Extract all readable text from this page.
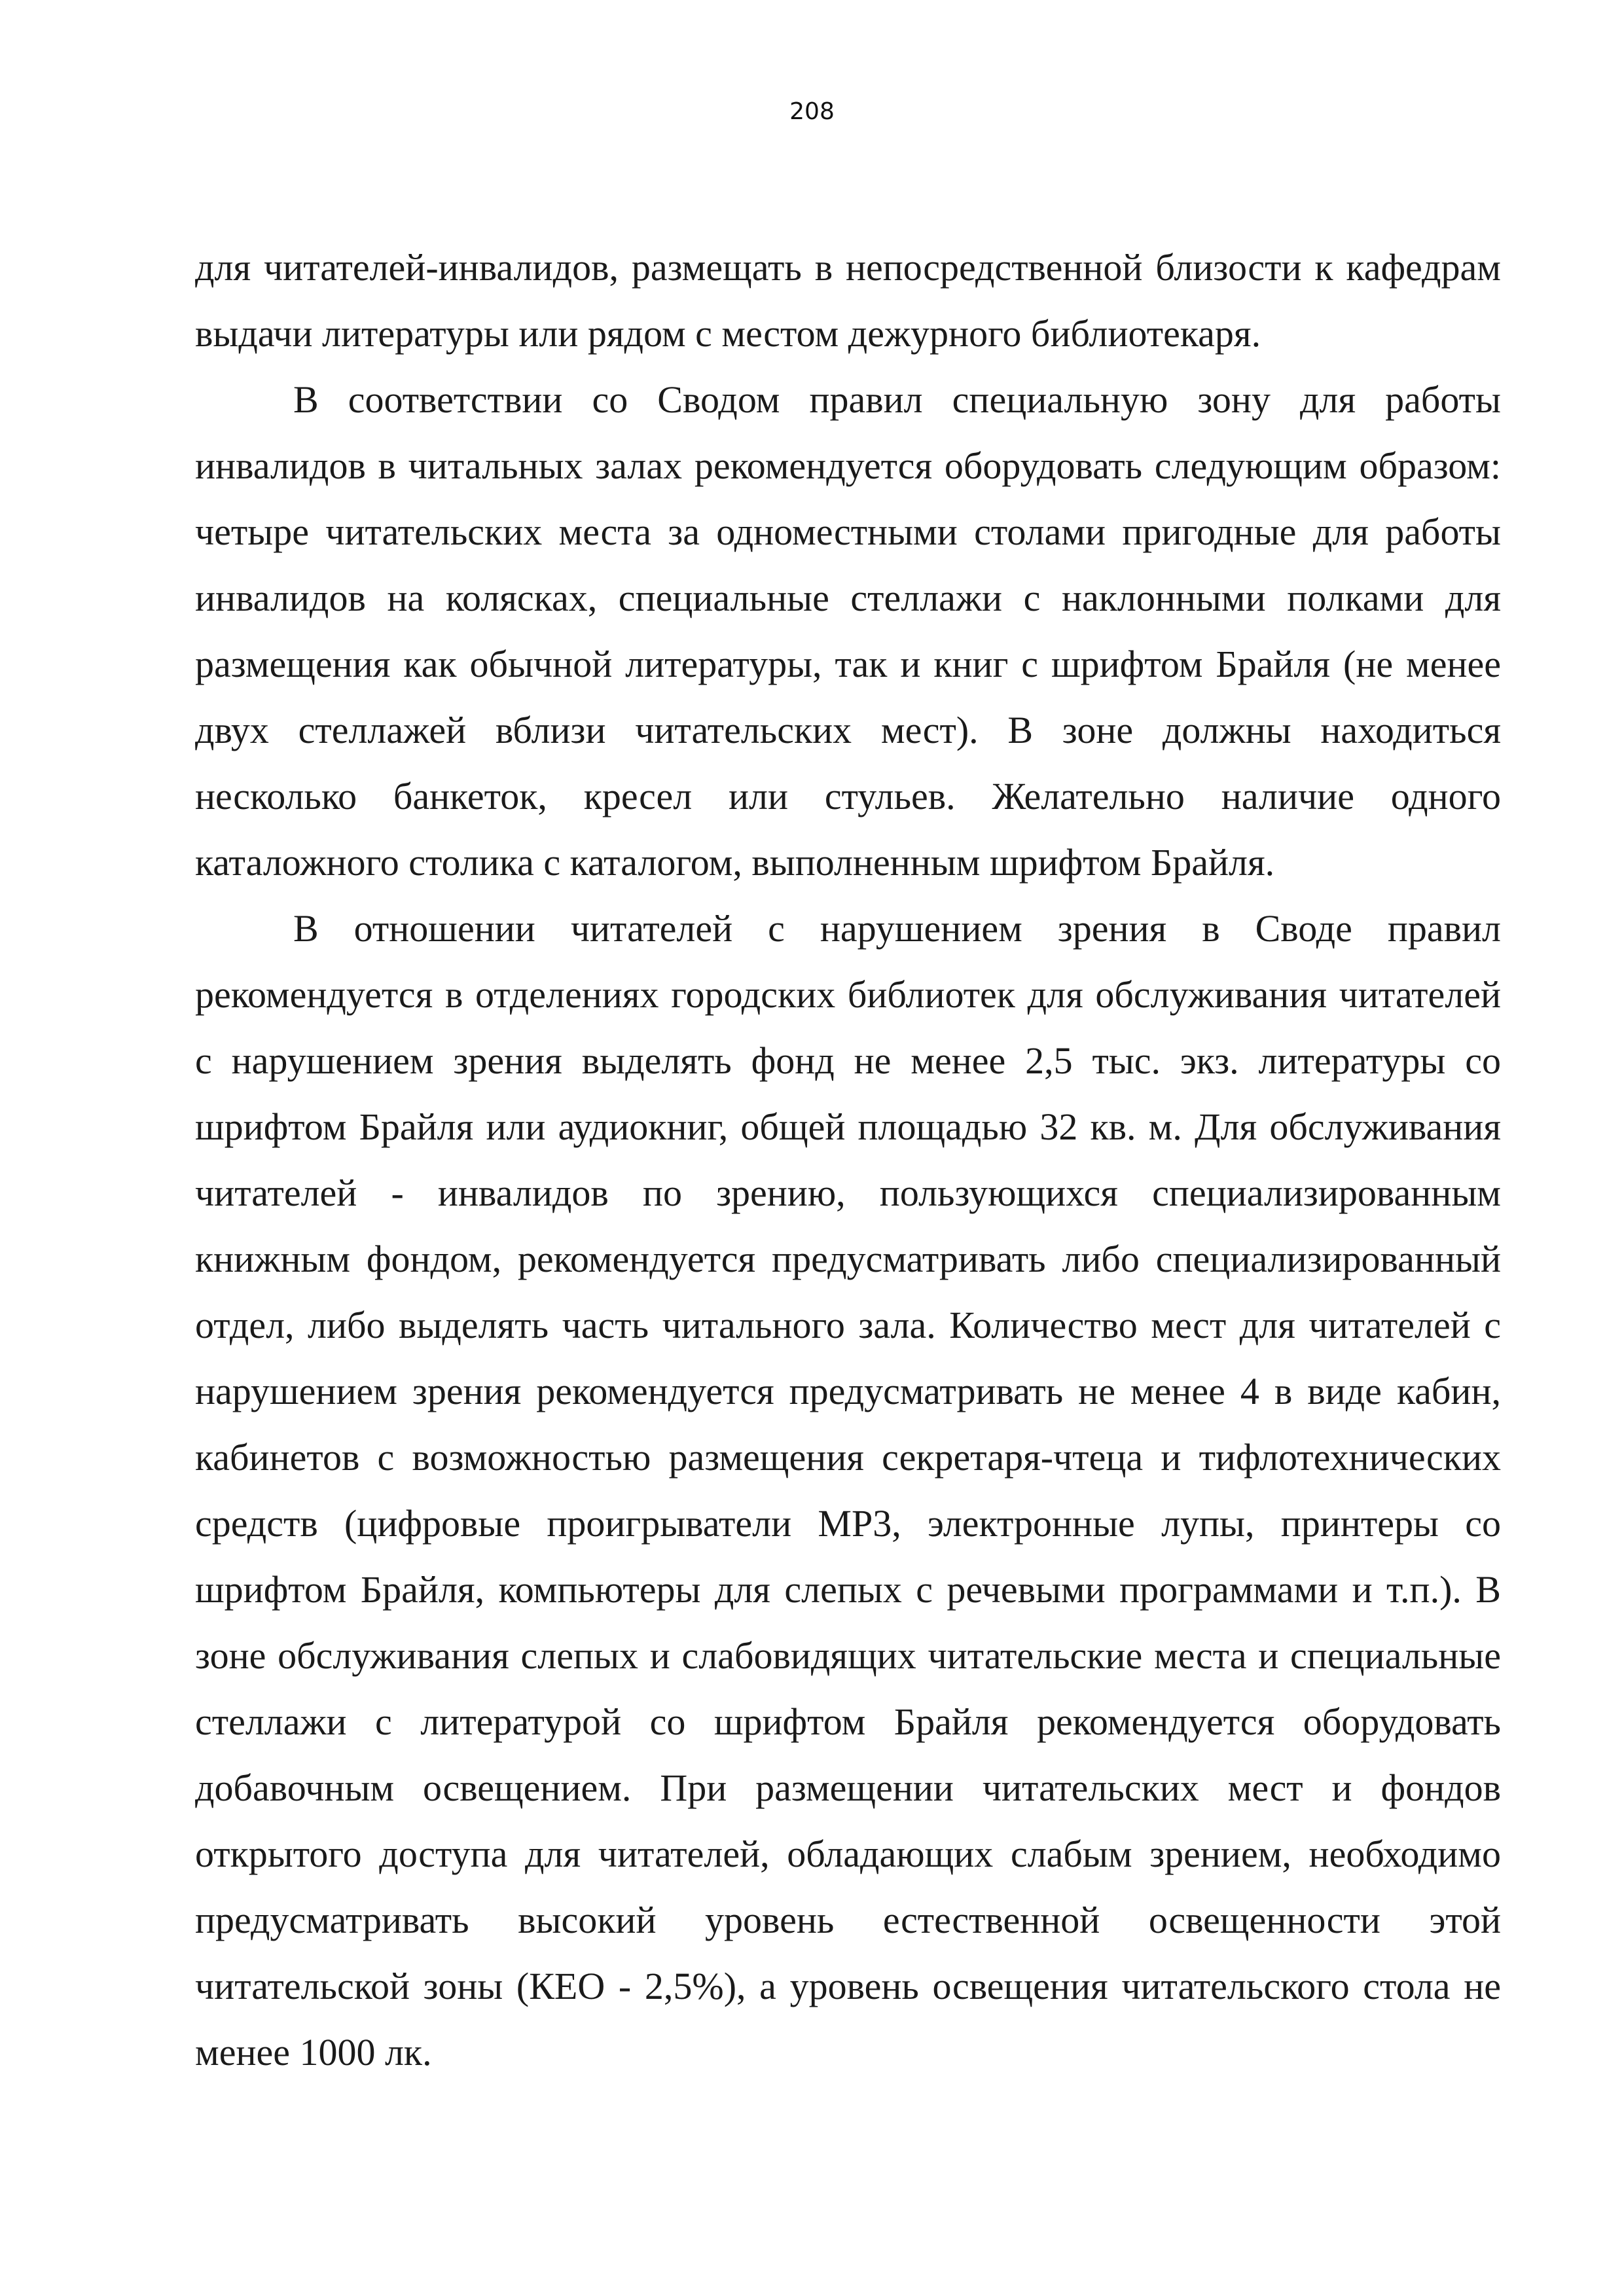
208

для читателей-инвалидов, размещать в непосредственной близости к кафедрам выдачи литературы или рядом с местом дежурного библиотекаря.

В соответствии со Сводом правил специальную зону для работы инвалидов в читальных залах рекомендуется оборудовать следующим образом: четыре читательских места за одноместными столами пригодные для работы инвалидов на колясках, специальные стеллажи с наклонными полками для размещения как обычной литературы, так и книг с шрифтом Брайля (не менее двух стеллажей вблизи читательских мест). В зоне должны находиться несколько банкеток, кресел или стульев. Желательно наличие одного каталожного столика с каталогом, выполненным шрифтом Брайля.

В отношении читателей с нарушением зрения в Своде правил рекомендуется в отделениях городских библиотек для обслуживания читателей с нарушением зрения выделять фонд не менее 2,5 тыс. экз. литературы со шрифтом Брайля или аудиокниг, общей площадью 32 кв. м. Для обслуживания читателей - инвалидов по зрению, пользующихся специализированным книжным фондом, рекомендуется предусматривать либо специализированный отдел, либо выделять часть читального зала. Количество мест для читателей с нарушением зрения рекомендуется предусматривать не менее 4 в виде кабин, кабинетов с возможностью размещения секретаря-чтеца и тифлотехнических средств (цифровые проигрыватели МР3, электронные лупы, принтеры со шрифтом Брайля, компьютеры для слепых с речевыми программами и т.п.). В зоне обслуживания слепых и слабовидящих читательские места и специальные стеллажи с литературой со шрифтом Брайля рекомендуется оборудовать добавочным освещением. При размещении читательских мест и фондов открытого доступа для читателей, обладающих слабым зрением, необходимо предусматривать высокий уровень естественной освещенности этой читательской зоны (КЕО - 2,5%), а уровень освещения читательского стола не менее 1000 лк.
